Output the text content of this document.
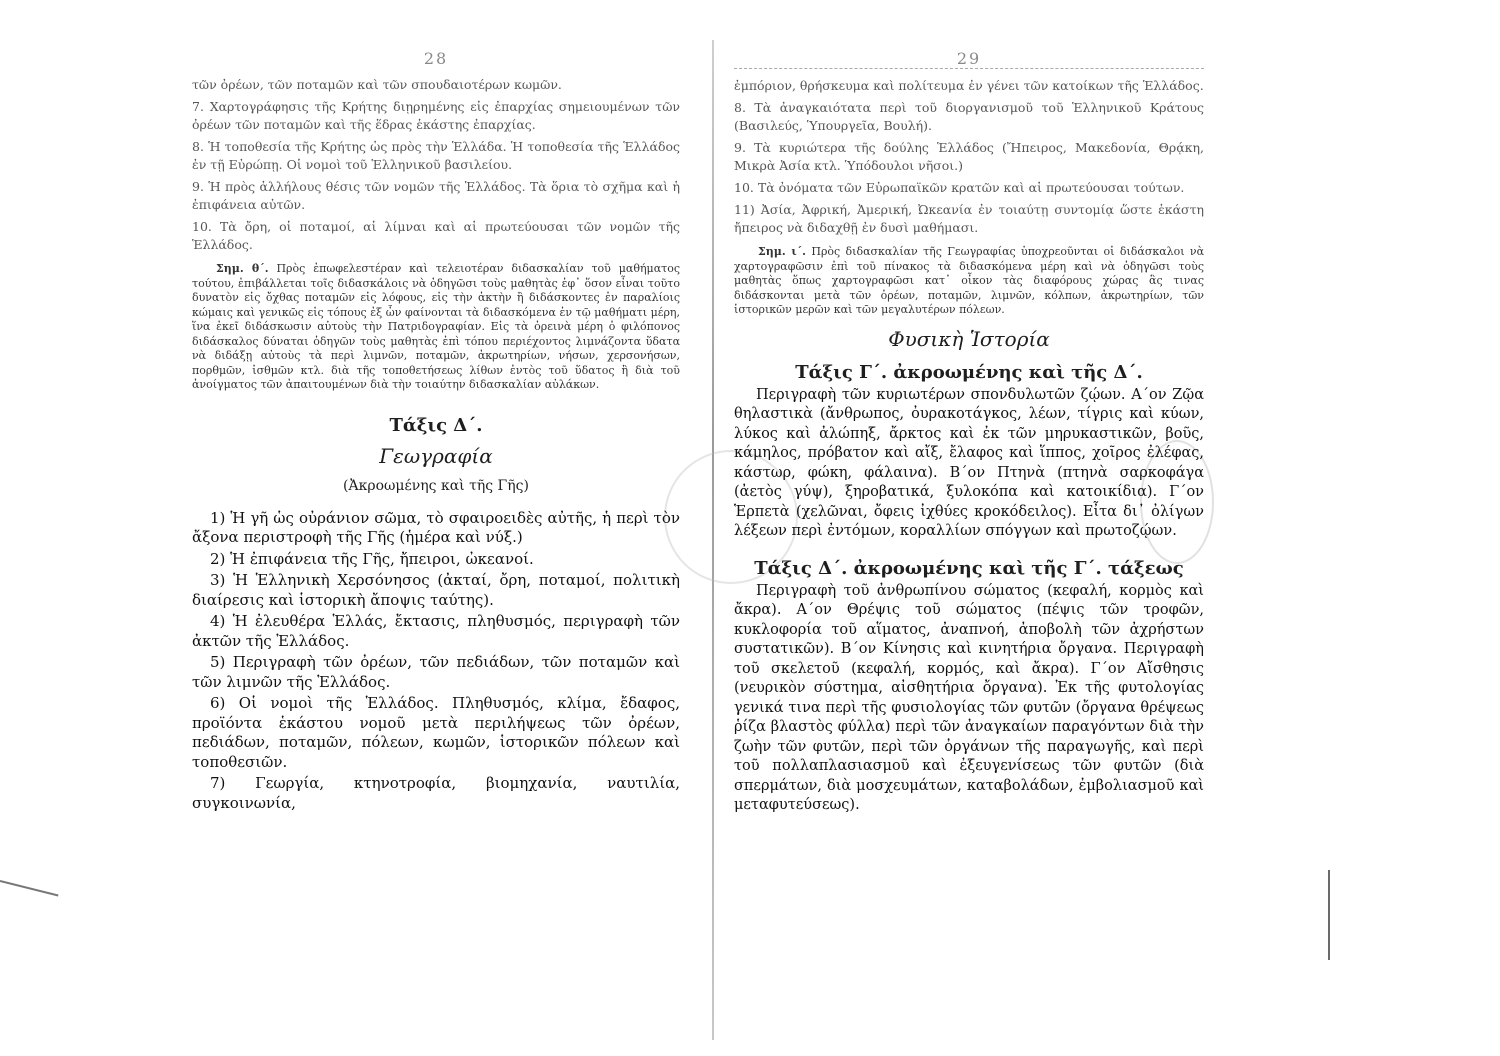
28

τῶν ὀρέων, τῶν ποταμῶν καὶ τῶν σπουδαιοτέρων κωμῶν.

7. Χαρτογράφησις τῆς Κρήτης διῃρημένης εἰς ἐπαρχίας σημειουμένων τῶν ὀρέων τῶν ποταμῶν καὶ τῆς ἕδρας ἑκάστης ἐπαρχίας.

8. Ἡ τοποθεσία τῆς Κρήτης ὡς πρὸς τὴν Ἑλλάδα. Ἡ τοποθεσία τῆς Ἑλλάδος ἐν τῇ Εὐρώπῃ. Οἱ νομοὶ τοῦ Ἑλληνικοῦ βασιλείου.

9. Ἡ πρὸς ἀλλήλους θέσις τῶν νομῶν τῆς Ἑλλάδος. Τὰ ὅρια τὸ σχῆμα καὶ ἡ ἐπιφάνεια αὐτῶν.

10. Τὰ ὄρη, οἱ ποταμοί, αἱ λίμναι καὶ αἱ πρωτεύουσαι τῶν νομῶν τῆς Ἑλλάδος.

Σημ. θ΄. Πρὸς ἐπωφελεστέραν καὶ τελειοτέραν διδασκαλίαν τοῦ μαθήματος τούτου, ἐπιβάλλεται τοῖς διδασκάλοις νὰ ὁδηγῶσι τοὺς μαθητὰς ἐφ᾽ ὅσον εἶναι τοῦτο δυνατὸν εἰς ὄχθας ποταμῶν εἰς λόφους, εἰς τὴν ἀκτὴν ἢ διδάσκοντες ἐν παραλίοις κώμαις καὶ γενικῶς εἰς τόπους ἐξ ὧν φαίνονται τὰ διδασκόμενα ἐν τῷ μαθήματι μέρη, ἵνα ἐκεῖ διδάσκωσιν αὐτοὺς τὴν Πατριδογραφίαν. Εἰς τὰ ὀρεινὰ μέρη ὁ φιλόπονος διδάσκαλος δύναται ὁδηγῶν τοὺς μαθητὰς ἐπὶ τόπου περιέχοντος λιμνάζοντα ὕδατα νὰ διδάξῃ αὐτοὺς τὰ περὶ λιμνῶν, ποταμῶν, ἀκρωτηρίων, νήσων, χερσονήσων, πορθμῶν, ἰσθμῶν κτλ. διὰ τῆς τοποθετήσεως λίθων ἐντὸς τοῦ ὕδατος ἢ διὰ τοῦ ἀνοίγματος τῶν ἀπαιτουμένων διὰ τὴν τοιαύτην διδασκαλίαν αὐλάκων.

Τάξις Δ΄.
Γεωγραφία
(Ἀκροωμένης καὶ τῆς Γῆς)

1) Ἡ γῆ ὡς οὐράνιον σῶμα, τὸ σφαιροειδὲς αὐτῆς, ἡ περὶ τὸν ἄξονα περιστροφὴ τῆς Γῆς (ἡμέρα καὶ νύξ.)

2) Ἡ ἐπιφάνεια τῆς Γῆς, ἤπειροι, ὠκεανοί.

3) Ἡ Ἑλληνικὴ Χερσόνησος (ἀκταί, ὄρη, ποταμοί, πολιτικὴ διαίρεσις καὶ ἱστορικὴ ἄποψις ταύτης).

4) Ἡ ἐλευθέρα Ἑλλάς, ἔκτασις, πληθυσμός, περιγραφὴ τῶν ἀκτῶν τῆς Ἑλλάδος.

5) Περιγραφὴ τῶν ὀρέων, τῶν πεδιάδων, τῶν ποταμῶν καὶ τῶν λιμνῶν τῆς Ἑλλάδος.

6) Οἱ νομοὶ τῆς Ἑλλάδος. Πληθυσμός, κλίμα, ἔδαφος, προϊόντα ἑκάστου νομοῦ μετὰ περιλήψεως τῶν ὀρέων, πεδιάδων, ποταμῶν, πόλεων, κωμῶν, ἱστορικῶν πόλεων καὶ τοποθεσιῶν.

7) Γεωργία, κτηνοτροφία, βιομηχανία, ναυτιλία, συγκοινωνία,

29

ἐμπόριον, θρήσκευμα καὶ πολίτευμα ἐν γένει τῶν κατοίκων τῆς Ἑλλάδος.

8. Τὰ ἀναγκαιότατα περὶ τοῦ διοργανισμοῦ τοῦ Ἑλληνικοῦ Κράτους (Βασιλεύς, Ὑπουργεῖα, Βουλή).

9. Τὰ κυριώτερα τῆς δούλης Ἑλλάδος (Ἤπειρος, Μακεδονία, Θρᾴκη, Μικρὰ Ἀσία κτλ. Ὑπόδουλοι νῆσοι.)

10. Τὰ ὀνόματα τῶν Εὐρωπαϊκῶν κρατῶν καὶ αἱ πρωτεύουσαι τούτων.

11) Ἀσία, Ἀφρική, Ἀμερική, Ὠκεανία ἐν τοιαύτῃ συντομίᾳ ὥστε ἑκάστη ἤπειρος νὰ διδαχθῇ ἐν δυσὶ μαθήμασι.

Σημ. ι΄. Πρὸς διδασκαλίαν τῆς Γεωγραφίας ὑποχρεοῦνται οἱ διδάσκαλοι νὰ χαρτογραφῶσιν ἐπὶ τοῦ πίνακος τὰ διδασκόμενα μέρη καὶ νὰ ὁδηγῶσι τοὺς μαθητὰς ὅπως χαρτογραφῶσι κατ᾽ οἶκον τὰς διαφόρους χώρας ἃς τινας διδάσκονται μετὰ τῶν ὀρέων, ποταμῶν, λιμνῶν, κόλπων, ἀκρωτηρίων, τῶν ἱστορικῶν μερῶν καὶ τῶν μεγαλυτέρων πόλεων.

Φυσικὴ Ἱστορία
Τάξις Γ΄. ἀκροωμένης καὶ τῆς Δ΄.

Περιγραφὴ τῶν κυριωτέρων σπονδυλωτῶν ζῴων. Α΄ον Ζῷα θηλαστικὰ (ἄνθρωπος, ὀυρακοτάγκος, λέων, τίγρις καὶ κύων, λύκος καὶ ἀλώπηξ, ἄρκτος καὶ ἐκ τῶν μηρυκαστικῶν, βοῦς, κάμηλος, πρόβατον καὶ αἴξ, ἔλαφος καὶ ἵππος, χοῖρος ἐλέφας, κάστωρ, φώκη, φάλαινα). Β΄ον Πτηνὰ (πτηνὰ σαρκοφάγα (ἀετὸς γύψ), ξηροβατικά, ξυλοκόπα καὶ κατοικίδια). Γ΄ον Ἑρπετὰ (χελῶναι, ὄφεις ἰχθύες κροκόδειλος). Εἶτα δι᾽ ὀλίγων λέξεων περὶ ἐντόμων, κοραλλίων σπόγγων καὶ πρωτοζῴων.

Τάξις Δ΄. ἀκροωμένης καὶ τῆς Γ΄. τάξεως

Περιγραφὴ τοῦ ἀνθρωπίνου σώματος (κεφαλή, κορμὸς καὶ ἄκρα). Α΄ον Θρέψις τοῦ σώματος (πέψις τῶν τροφῶν, κυκλοφορία τοῦ αἵματος, ἀναπνοή, ἀποβολὴ τῶν ἀχρήστων συστατικῶν). Β΄ον Κίνησις καὶ κινητήρια ὄργανα. Περιγραφὴ τοῦ σκελετοῦ (κεφαλή, κορμός, καὶ ἄκρα). Γ΄ον Αἴσθησις (νευρικὸν σύστημα, αἰσθητήρια ὄργανα). Ἐκ τῆς φυτολογίας γενικά τινα περὶ τῆς φυσιολογίας τῶν φυτῶν (ὄργανα θρέψεως ῥίζα βλαστὸς φύλλα) περὶ τῶν ἀναγκαίων παραγόντων διὰ τὴν ζωὴν τῶν φυτῶν, περὶ τῶν ὀργάνων τῆς παραγωγῆς, καὶ περὶ τοῦ πολλαπλασιασμοῦ καὶ ἐξευγενίσεως τῶν φυτῶν (διὰ σπερμάτων, διὰ μοσχευμάτων, καταβολάδων, ἐμβολιασμοῦ καὶ μεταφυτεύσεως).
